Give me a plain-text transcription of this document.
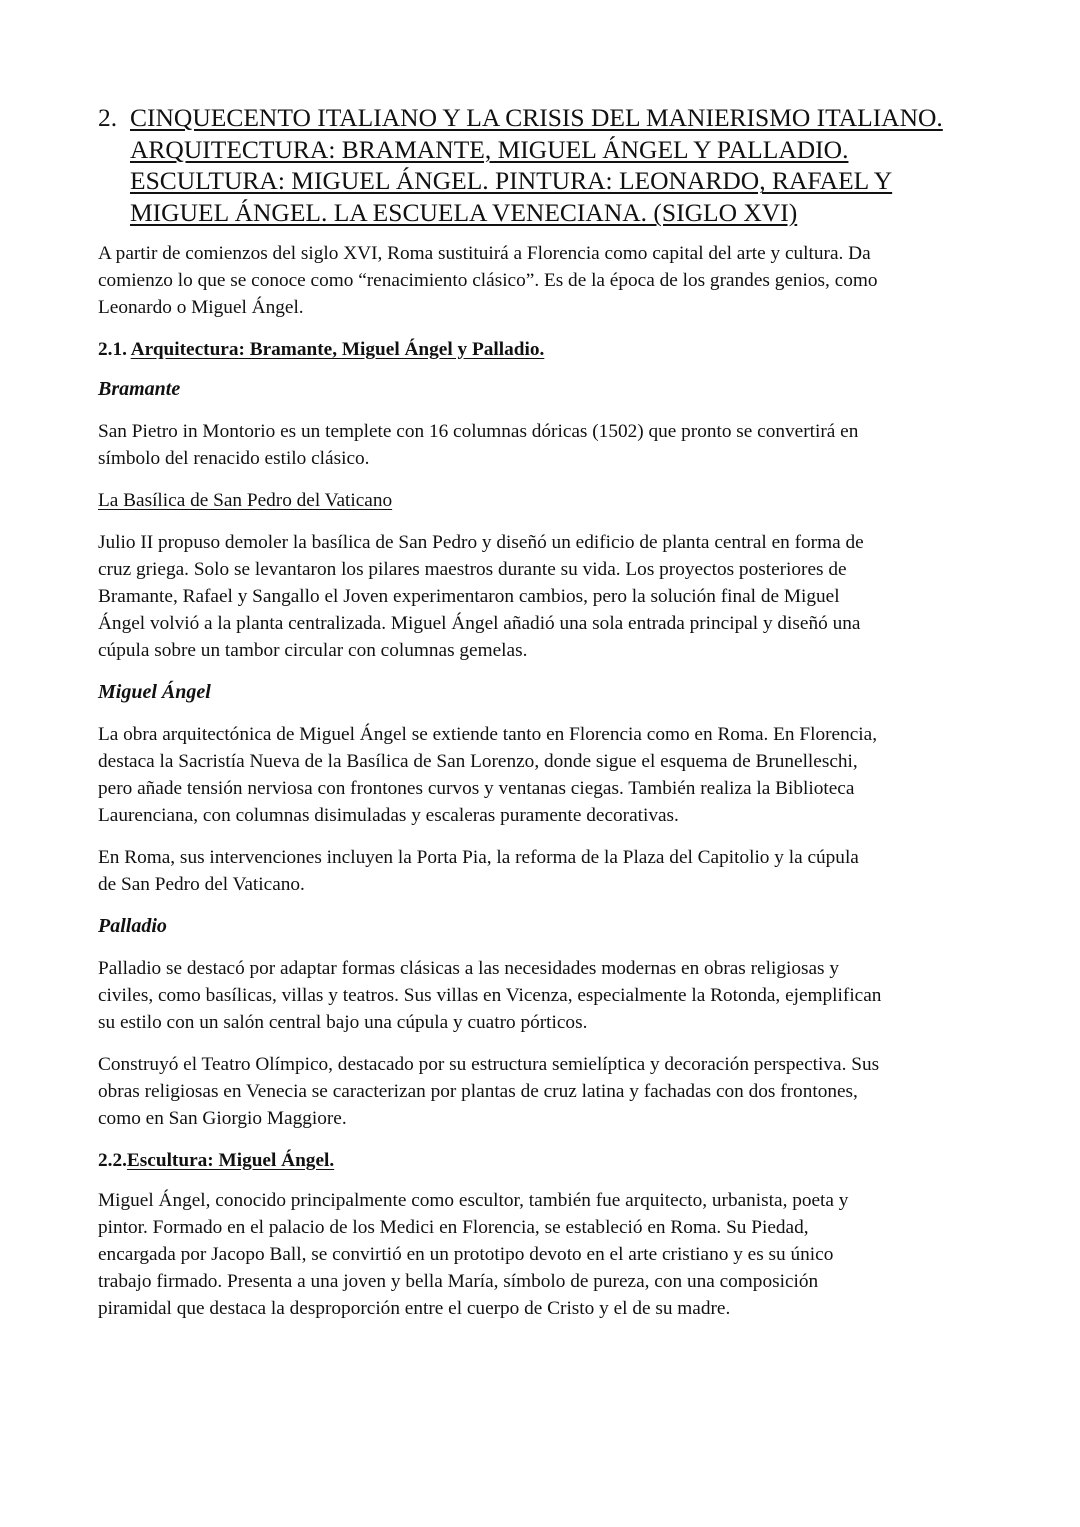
2. CINQUECENTO ITALIANO Y LA CRISIS DEL MANIERISMO ITALIANO.
ARQUITECTURA: BRAMANTE, MIGUEL ÁNGEL Y PALLADIO.
ESCULTURA: MIGUEL ÁNGEL. PINTURA: LEONARDO, RAFAEL Y
MIGUEL ÁNGEL. LA ESCUELA VENECIANA. (SIGLO XVI)

A partir de comienzos del siglo XVI, Roma sustituirá a Florencia como capital del arte y cultura. Da
comienzo lo que se conoce como “renacimiento clásico”. Es de la época de los grandes genios, como
Leonardo o Miguel Ángel.

2.1. Arquitectura: Bramante, Miguel Ángel y Palladio.
Bramante

San Pietro in Montorio es un templete con 16 columnas dóricas (1502) que pronto se convertirá en
símbolo del renacido estilo clásico.

La Basílica de San Pedro del Vaticano

Julio II propuso demoler la basílica de San Pedro y diseñó un edificio de planta central en forma de
cruz griega. Solo se levantaron los pilares maestros durante su vida. Los proyectos posteriores de
Bramante, Rafael y Sangallo el Joven experimentaron cambios, pero la solución final de Miguel
Ángel volvió a la planta centralizada. Miguel Ángel añadió una sola entrada principal y diseñó una
cúpula sobre un tambor circular con columnas gemelas.

Miguel Ángel

La obra arquitectónica de Miguel Ángel se extiende tanto en Florencia como en Roma. En Florencia,
destaca la Sacristía Nueva de la Basílica de San Lorenzo, donde sigue el esquema de Brunelleschi,
pero añade tensión nerviosa con frontones curvos y ventanas ciegas. También realiza la Biblioteca
Laurenciana, con columnas disimuladas y escaleras puramente decorativas.

En Roma, sus intervenciones incluyen la Porta Pia, la reforma de la Plaza del Capitolio y la cúpula
de San Pedro del Vaticano.

Palladio

Palladio se destacó por adaptar formas clásicas a las necesidades modernas en obras religiosas y
civiles, como basílicas, villas y teatros. Sus villas en Vicenza, especialmente la Rotonda, ejemplifican
su estilo con un salón central bajo una cúpula y cuatro pórticos.

Construyó el Teatro Olímpico, destacado por su estructura semielíptica y decoración perspectiva. Sus
obras religiosas en Venecia se caracterizan por plantas de cruz latina y fachadas con dos frontones,
como en San Giorgio Maggiore.

2.2.Escultura: Miguel Ángel.

Miguel Ángel, conocido principalmente como escultor, también fue arquitecto, urbanista, poeta y
pintor. Formado en el palacio de los Medici en Florencia, se estableció en Roma. Su Piedad,
encargada por Jacopo Ball, se convirtió en un prototipo devoto en el arte cristiano y es su único
trabajo firmado. Presenta a una joven y bella María, símbolo de pureza, con una composición
piramidal que destaca la desproporción entre el cuerpo de Cristo y el de su madre.
